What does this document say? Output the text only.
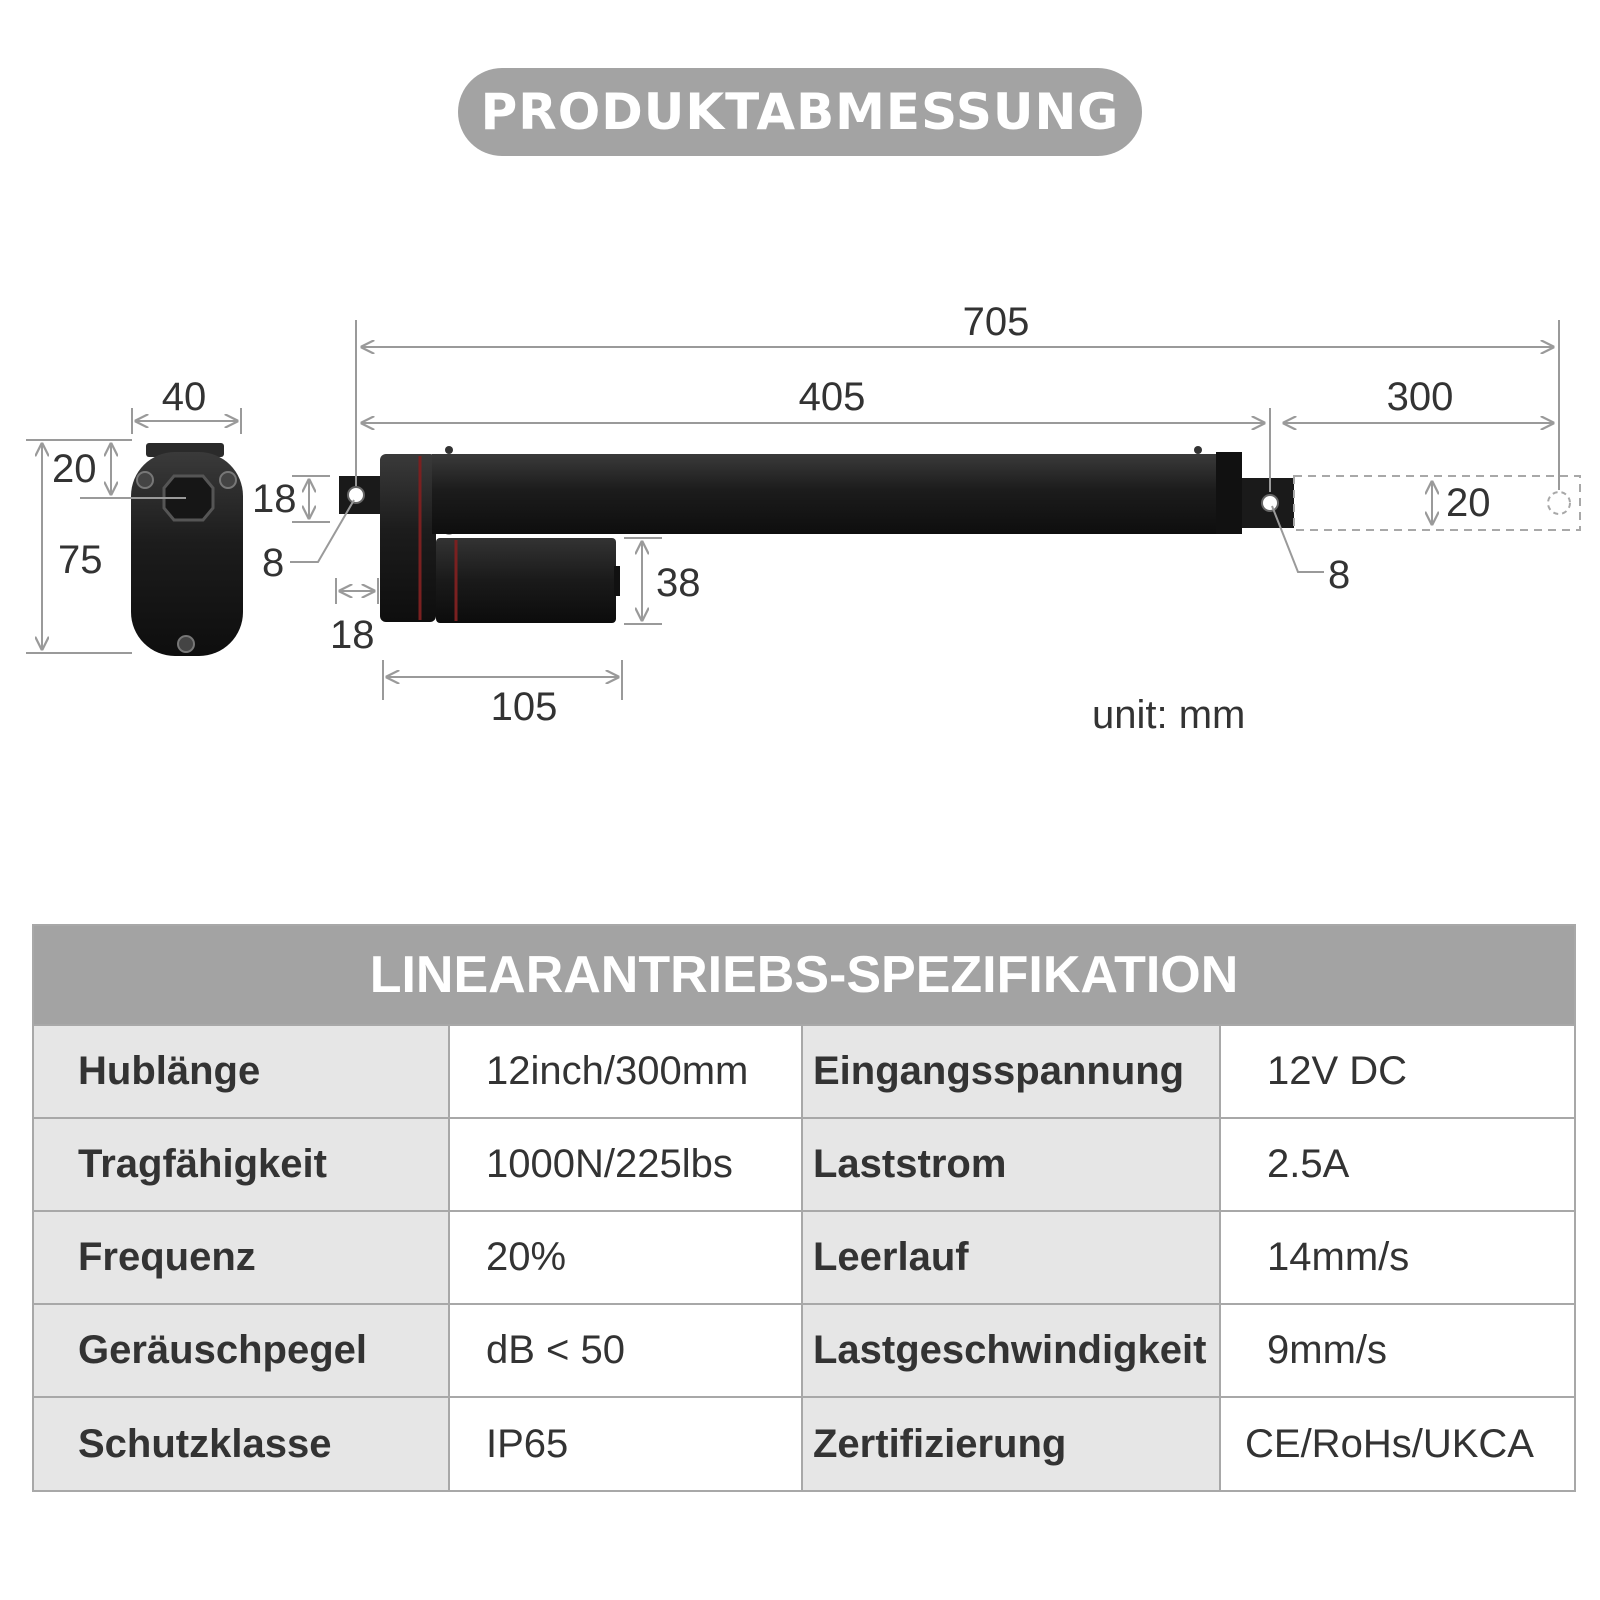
PRODUKTABMESSUNG
40
75
20
705
405	300
18
8
18
105
38
20
8
unit: mm
LINEARANTRIEBS-SPEZIFIKATION
Hublänge	12inch/300mm	Eingangsspannung	12V DC
Tragfähigkeit	1000N/225lbs	Laststrom	2.5A
Frequenz	20%	Leerlauf	14mm/s
Geräuschpegel	dB < 50	Lastgeschwindigkeit	9mm/s
Schutzklasse	IP65	Zertifizierung	CE/RoHs/UKCA
